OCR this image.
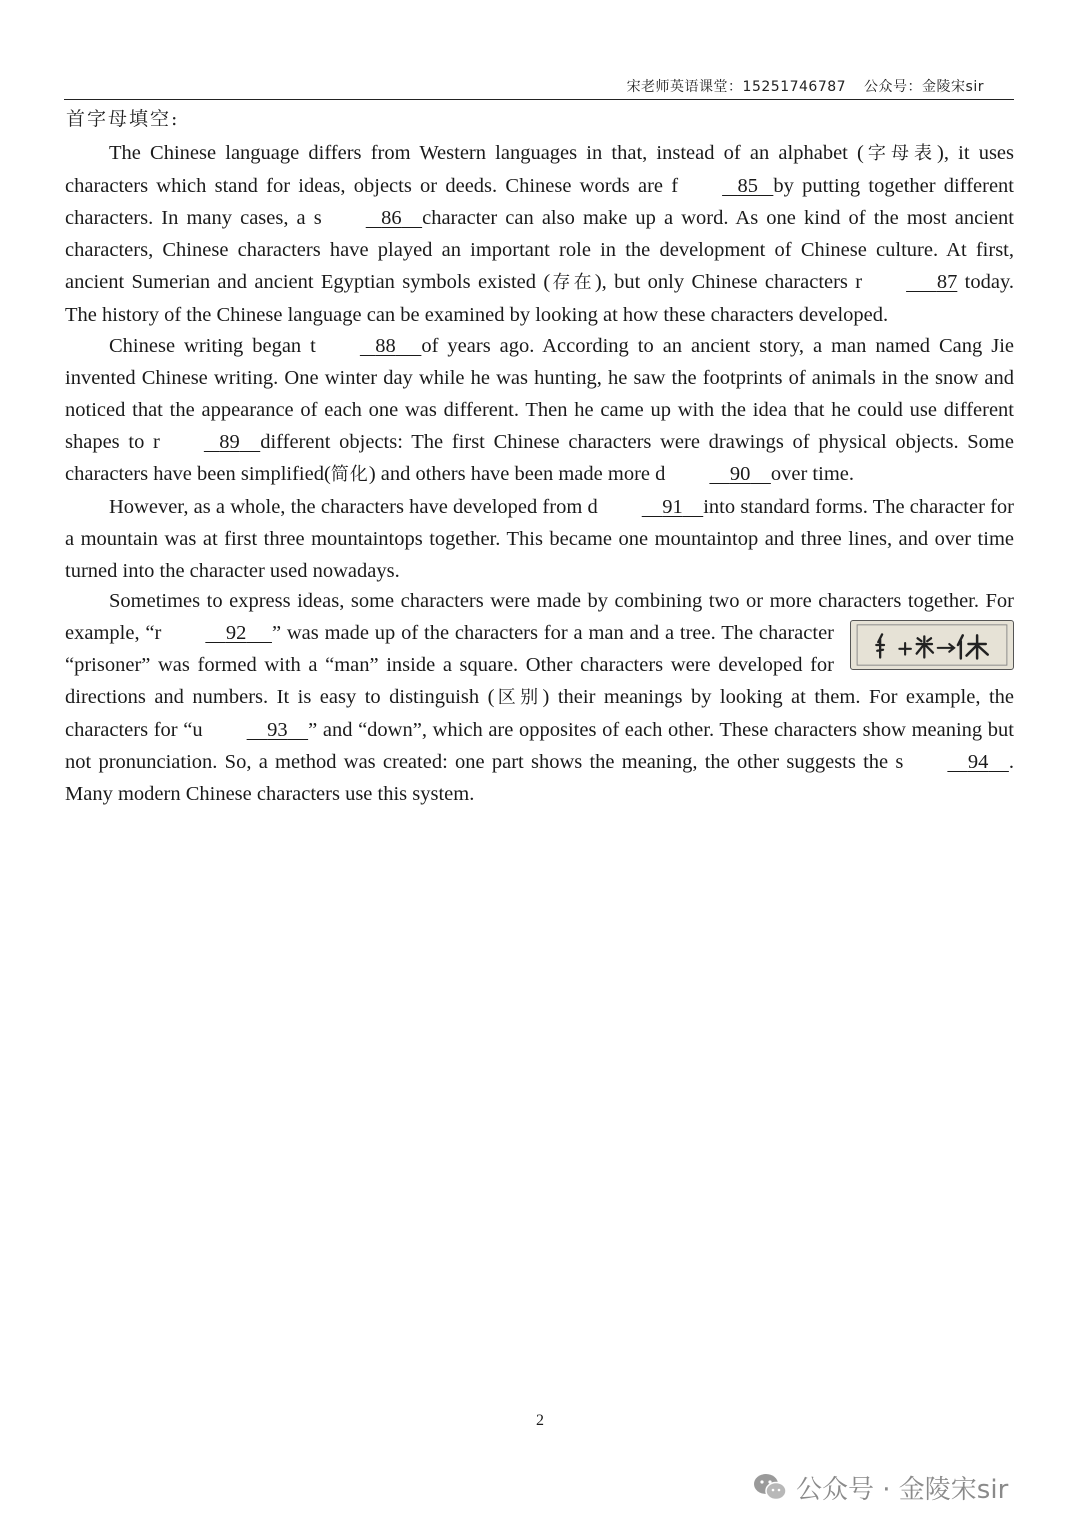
宋老师英语课堂：15251746787 公众号：金陵宋sir
首字母填空:

The Chinese language differs from Western languages in that, instead of an alphabet (字母表), it uses characters which stand for ideas, objects or deeds. Chinese words are f	85 by putting together different characters. In many cases, a s	86 character can also make up a word. As one kind of the most ancient characters, Chinese characters have played an important role in the development of Chinese culture. At first, ancient Sumerian and ancient Egyptian symbols existed (存在), but only Chinese characters r	87 today. The history of the Chinese language can be examined by looking at how these characters developed.

Chinese writing began t	88 of years ago. According to an ancient story, a man named Cang Jie invented Chinese writing. One winter day while he was hunting, he saw the footprints of animals in the snow and noticed that the appearance of each one was different. Then he came up with the idea that he could use different shapes to r	89 different objects: The first Chinese characters were drawings of physical objects. Some characters have been simplified(简化) and others have been made more d	90 over time.

However, as a whole, the characters have developed from d	91 into standard forms. The character for a mountain was at first three mountaintops together. This became one mountaintop and three lines, and over time turned into the character used nowadays.

Sometimes to express ideas, some characters were made by combining two or more characters together. For example, “r	92 ” was made up of the characters for a man and a tree. The character “prisoner” was formed with a “man” inside a square. Other characters were developed for directions and numbers. It is easy to distinguish (区别) their meanings by looking at them. For example, the characters for “u	93 ” and “down”, which are opposites of each other. These characters show meaning but not pronunciation. So, a method was created: one part shows the meaning, the other suggests the s	94 . Many modern Chinese characters use this system.

2
公众号 · 金陵宋sir
